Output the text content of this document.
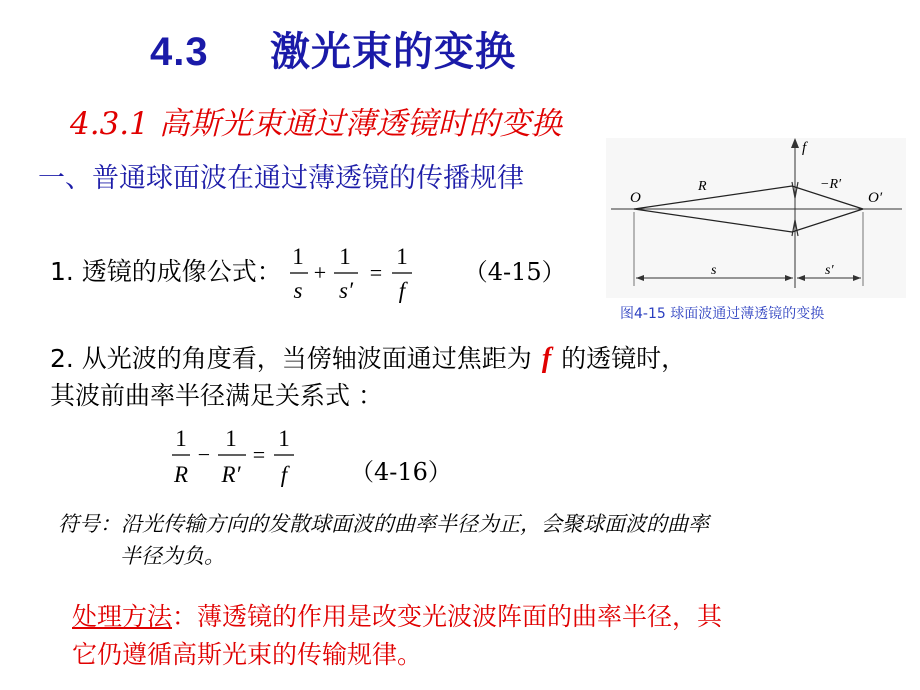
4.3 激光束的变换
4.3.1 高斯光束通过薄透镜时的变换
一、普通球面波在通过薄透镜的传播规律
1. 透镜的成像公式：
1
s
+
1
s′
=
1
f
（4-15）
2. 从光波的角度看，当傍轴波面通过焦距为 f 的透镜时，
其波前曲率半径满足关系式 ：
1
R
−
1
R′
=
1
f	（4-16）
符号：沿光传输方向的发散球面波的曲率半径为正，会聚球面波的曲率
半径为负。
处理方法：薄透镜的作用是改变光波波阵面的曲率半径，其
它仍遵循高斯光束的传输规律。
f
O	O′
R	−R′
s	s′
图4-15 球面波通过薄透镜的变换
